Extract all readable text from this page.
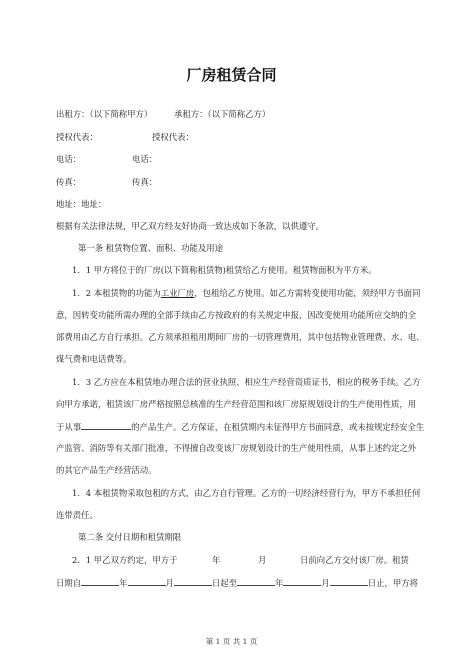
厂房租赁合同
出租方：（以下简称甲方）	承租方：（以下简称乙方）
授权代表：	授权代表：
电话：	电话：
传真：	传真：
地址：地址：
根据有关法律法规，甲乙双方经友好协商一致达成如下条款，以供遵守。
第一条 租赁物位置、面积、功能及用途
1．1 甲方将位于的厂房(以下简称租赁物)租赁给乙方使用。租赁物面积为平方米。
1．2 本租赁物的功能为工业厂房，包租给乙方使用。如乙方需转变使用功能，须经甲方书面同
意，因转变功能所需办理的全部手续由乙方按政府的有关规定申报，因改变使用功能所应交纳的全
部费用由乙方自行承担。乙方须承担租用期间厂房的一切管理费用，其中包括物业管理费、水、电、
煤气费和电话费等。
1．3 乙方应在本租赁地办理合法的营业执照、相应生产经营资质证书，相应的税务手续。乙方
向甲方承诺，租赁该厂房严格按照总核准的生产经营范围和该厂房原规划设计的生产使用性质，用
于从事	的产品生产。乙方保证，在租赁期内未征得甲方书面同意，或未按规定经安全生
产监管、消防等有关部门批准，不得擅自改变该厂房规划设计的生产使用性质，从事上述约定之外
的其它产品生产经营活动。
1．4 本租赁物采取包租的方式，由乙方自行管理。乙方的一切经济经营行为，甲方不承担任何
连带责任。
第二条 交付日期和租赁期限
2．1 甲乙双方约定，甲方于	年	月	日前向乙方交付该厂房。租赁
日期自	年	月	日起至	年	月	日止，甲方将
第 1 页 共 1 页
